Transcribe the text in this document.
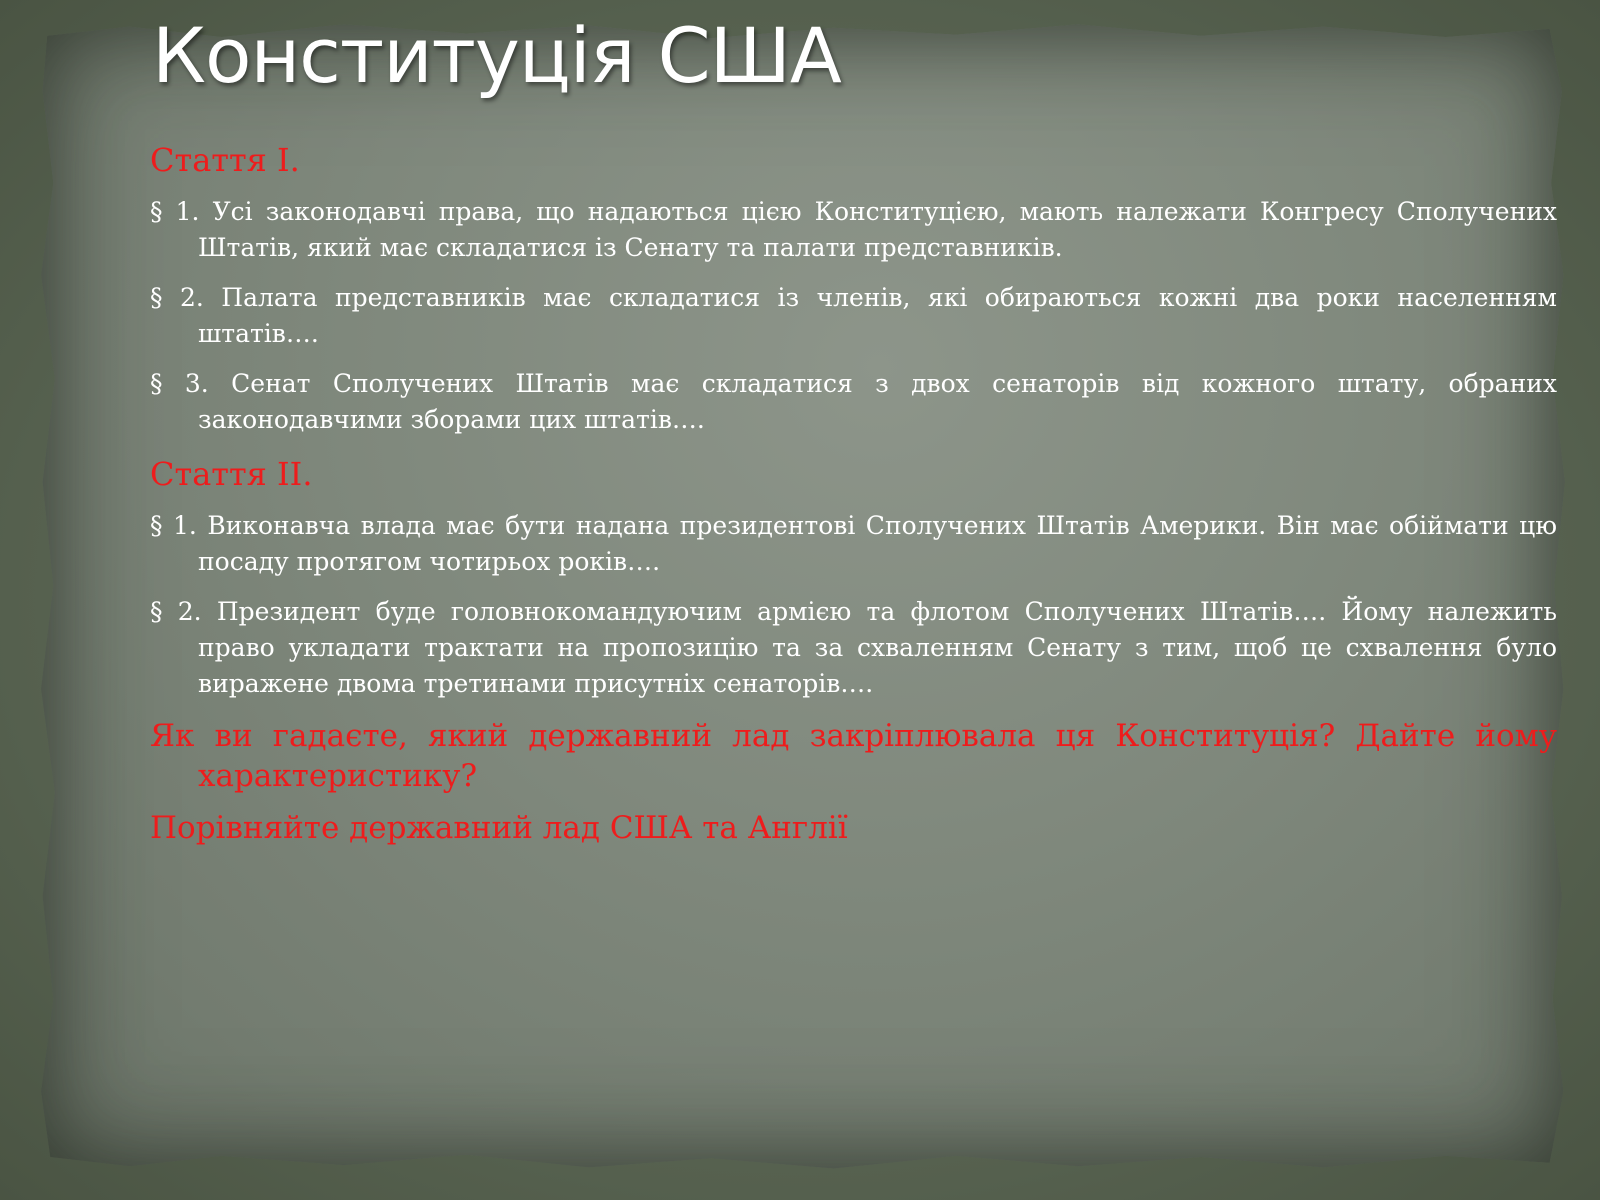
Конституція США

Стаття I.

§ 1. Усі законодавчі права, що надаються цією Конституцією, мають належати Конгресу Сполучених Штатів, який має складатися із Сенату та палати представників.

§ 2. Палата представників має складатися із членів, які обираються кожні два роки населенням штатів….

§ 3. Сенат Сполучених Штатів має складатися з двох сенаторів від кожного штату, обраних законодавчими зборами цих штатів….

Стаття II.

§ 1. Виконавча влада має бути надана президентові Сполучених Штатів Америки. Він має обіймати цю посаду протягом чотирьох років….

§ 2. Президент буде головнокомандуючим армією та флотом Сполучених Штатів…. Йому належить право укладати трактати на пропозицію та за схваленням Сенату з тим, щоб це схвалення було виражене двома третинами присутніх сенаторів….

Як ви гадаєте, який державний лад закріплювала ця Конституція? Дайте йому характеристику?

Порівняйте державний лад США та Англії
